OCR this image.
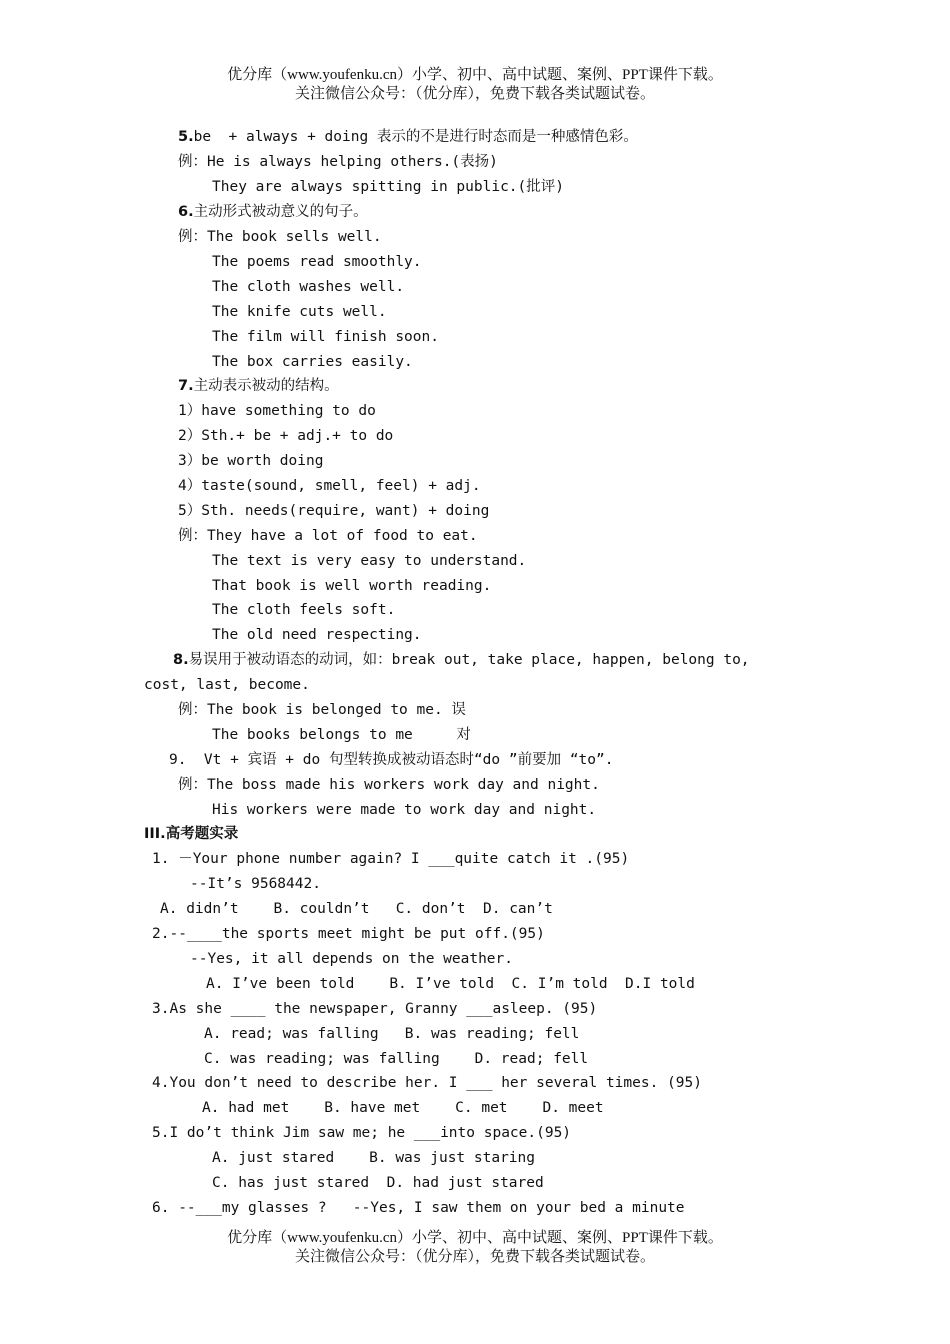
优分库（www.youfenku.cn）小学、初中、高中试题、案例、PPT课件下载。
关注微信公众号：（优分库），免费下载各类试题试卷。
5.be  + always + doing 表示的不是进行时态而是一种感情色彩。
例：He is always helping others.(表扬)
They are always spitting in public.(批评)
6.主动形式被动意义的句子。
例：The book sells well.
The poems read smoothly.
The cloth washes well.
The knife cuts well.
The film will finish soon.
The box carries easily.
7.主动表示被动的结构。
1）have something to do
2）Sth.+ be + adj.+ to do
3）be worth doing
4）taste(sound, smell, feel) + adj.
5）Sth. needs(require, want) + doing
例：They have a lot of food to eat.
The text is very easy to understand.
That book is well worth reading.
The cloth feels soft.
The old need respecting.
8.易误用于被动语态的动词，如：break out, take place, happen, belong to,
cost, last, become.
例：The book is belonged to me. 误
The books belongs to me     对
9.  Vt + 宾语 + do 句型转换成被动语态时“do ”前要加 “to”.
例：The boss made his workers work day and night.
His workers were made to work day and night.
III.高考题实录
1. －Your phone number again? I ___quite catch it .(95)
--It’s 9568442.
A. didn’t    B. couldn’t   C. don’t  D. can’t
2.--____the sports meet might be put off.(95)
--Yes, it all depends on the weather.
A. I’ve been told    B. I’ve told  C. I’m told  D.I told
3.As she ____ the newspaper, Granny ___asleep. (95)
A. read; was falling   B. was reading; fell
C. was reading; was falling    D. read; fell
4.You don’t need to describe her. I ___ her several times. (95)
A. had met    B. have met    C. met    D. meet
5.I do’t think Jim saw me; he ___into space.(95)
A. just stared    B. was just staring
C. has just stared  D. had just stared
6. --___my glasses ?   --Yes, I saw them on your bed a minute
优分库（www.youfenku.cn）小学、初中、高中试题、案例、PPT课件下载。
关注微信公众号：（优分库），免费下载各类试题试卷。
